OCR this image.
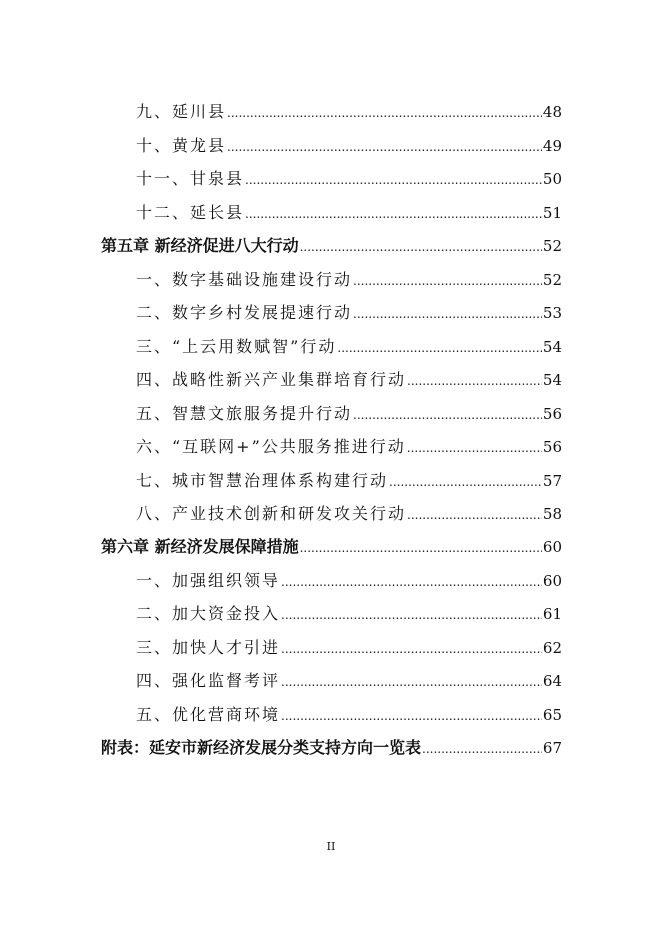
九、延川县 .....	48
十、黄龙县 .....	49
十一、甘泉县 .....	50
十二、延长县 .....	51
第五章 新经济促进八大行动 .....	52
一、数字基础设施建设行动 .....	52
二、数字乡村发展提速行动 .....	53
三、“上云用数赋智”行动 .....	54
四、战略性新兴产业集群培育行动 .....	54
五、智慧文旅服务提升行动 .....	56
六、“互联网+”公共服务推进行动 .....	56
七、城市智慧治理体系构建行动 .....	57
八、产业技术创新和研发攻关行动 .....	58
第六章 新经济发展保障措施 .....	60
一、加强组织领导 .....	60
二、加大资金投入 .....	61
三、加快人才引进 .....	62
四、强化监督考评 .....	64
五、优化营商环境 .....	65
附表：延安市新经济发展分类支持方向一览表 .....	67
II
